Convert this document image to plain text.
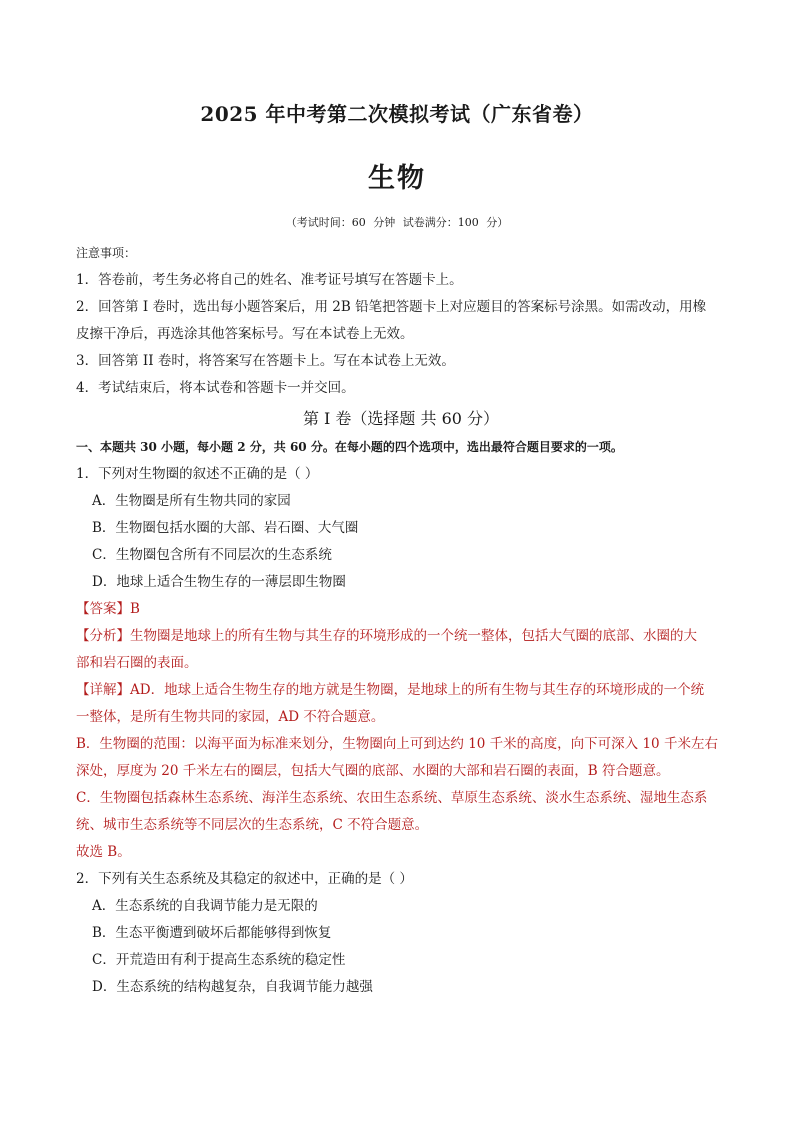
2025 年中考第二次模拟考试（广东省卷）
生物
（考试时间：60 分钟 试卷满分：100 分）

注意事项：

1．答卷前，考生务必将自己的姓名、准考证号填写在答题卡上。

2．回答第 I 卷时，选出每小题答案后，用 2B 铅笔把答题卡上对应题目的答案标号涂黑。如需改动，用橡

皮擦干净后，再选涂其他答案标号。写在本试卷上无效。

3．回答第 II 卷时，将答案写在答题卡上。写在本试卷上无效。

4．考试结束后，将本试卷和答题卡一并交回。

第 I 卷（选择题 共 60 分）

一、本题共 30 小题，每小题 2 分，共 60 分。在每小题的四个选项中，选出最符合题目要求的一项。

1．下列对生物圈的叙述不正确的是（ ）

A．生物圈是所有生物共同的家园

B．生物圈包括水圈的大部、岩石圈、大气圈

C．生物圈包含所有不同层次的生态系统

D．地球上适合生物生存的一薄层即生物圈

【答案】B

【分析】生物圈是地球上的所有生物与其生存的环境形成的一个统一整体，包括大气圈的底部、水圈的大

部和岩石圈的表面。

【详解】AD．地球上适合生物生存的地方就是生物圈，是地球上的所有生物与其生存的环境形成的一个统

一整体，是所有生物共同的家园，AD 不符合题意。

B．生物圈的范围：以海平面为标准来划分，生物圈向上可到达约 10 千米的高度，向下可深入 10 千米左右

深处，厚度为 20 千米左右的圈层，包括大气圈的底部、水圈的大部和岩石圈的表面，B 符合题意。

C．生物圈包括森林生态系统、海洋生态系统、农田生态系统、草原生态系统、淡水生态系统、湿地生态系

统、城市生态系统等不同层次的生态系统，C 不符合题意。

故选 B。

2．下列有关生态系统及其稳定的叙述中，正确的是（ ）

A．生态系统的自我调节能力是无限的

B．生态平衡遭到破坏后都能够得到恢复

C．开荒造田有利于提高生态系统的稳定性

D．生态系统的结构越复杂，自我调节能力越强
